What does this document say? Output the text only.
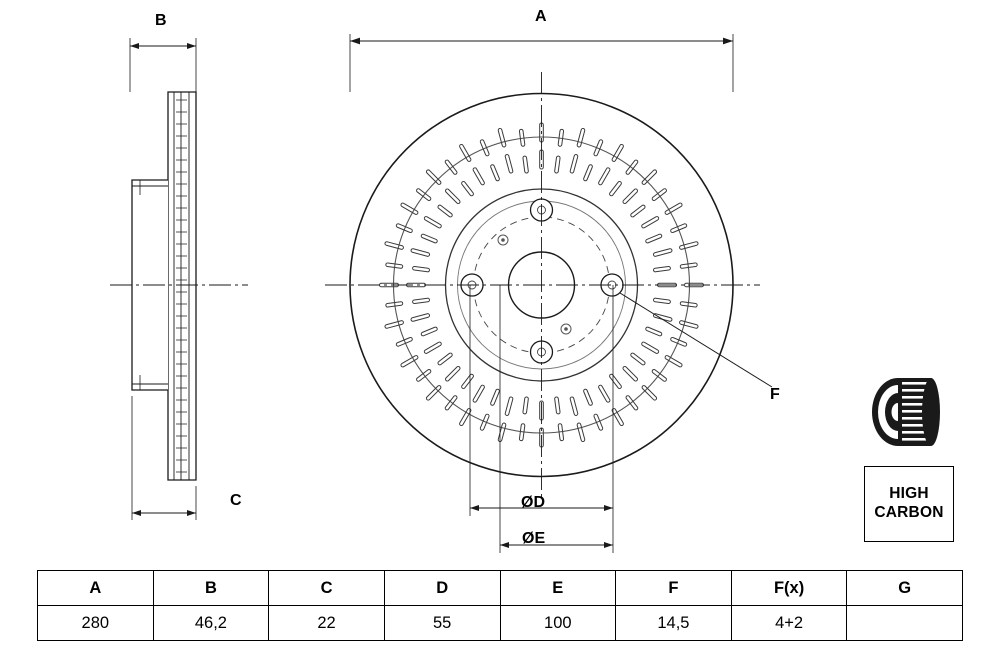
B
C
A
F
ØD
ØE
HIGH
CARBON
A	B	C	D	E	F	F(x)	G
280	46,2	22	55	100	14,5	4+2	
